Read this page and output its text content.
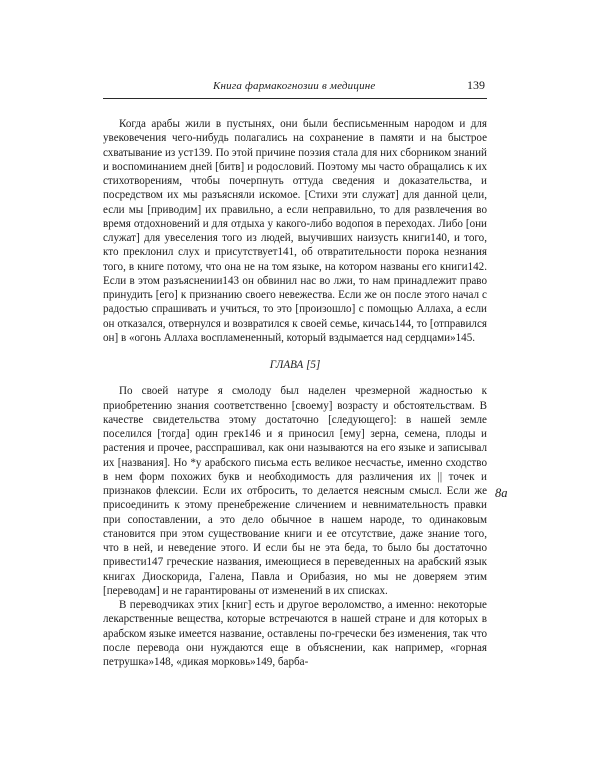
Книга фармакогнозии в медицине	139

Когда арабы жили в пустынях, они были бесписьменным народом и для увековечения чего-нибудь полагались на сохранение в памяти и на быстрое схватывание из уст139. По этой причине поэзия стала для них сборником знаний и воспоминанием дней [битв] и родословий. Поэтому мы часто обращались к их стихотворениям, чтобы почерпнуть оттуда сведения и доказательства, и посредством их мы разъясняли искомое. [Стихи эти служат] для данной цели, если мы [приводим] их правильно, а если неправильно, то для развлечения во время отдохновений и для отдыха у какого-либо водопоя в переходах. Либо [они служат] для увеселения того из людей, выучивших наизусть книги140, и того, кто преклонил слух и присутствует141, об отвратительности порока незнания того, в книге потому, что она не на том языке, на котором названы его книги142. Если в этом разъяснении143 он обвинил нас во лжи, то нам принадлежит право принудить [его] к признанию своего невежества. Если же он после этого начал с радостью спрашивать и учиться, то это [произошло] с помощью Аллаха, а если он отказался, отвернулся и возвратился к своей семье, кичась144, то [отправился он] в «огонь Аллаха воспламененный, который вздымается над сердцами»145.

ГЛАВА [5]

По своей натуре я смолоду был наделен чрезмерной жадностью к приобретению знания соответственно [своему] возрасту и обстоятельствам. В качестве свидетельства этому достаточно [следующего]: в нашей земле поселился [тогда] один грек146 и я приносил [ему] зерна, семена, плоды и растения и прочее, расспрашивал, как они называются на его языке и записывал их [названия]. Но *у арабского письма есть великое несчастье, именно сходство в нем форм похожих букв и необходимость для различения их || точек и признаков флексии. Если их отбросить, то делается неясным смысл. Если же присоединить к этому пренебрежение сличением и невнимательность правки при сопоставлении, а это дело обычное в нашем народе, то одинаковым становится при этом существование книги и ее отсутствие, даже знание того, что в ней, и неведение этого. И если бы не эта беда, то было бы достаточно привести147 греческие названия, имеющиеся в переведенных на арабский язык книгах Диоскорида, Галена, Павла и Орибазия, но мы не доверяем этим [переводам] и не гарантированы от изменений в их списках.

В переводчиках этих [книг] есть и другое вероломство, а именно: некоторые лекарственные вещества, которые встречаются в нашей стране и для которых в арабском языке имеется название, оставлены по-гречески без изменения, так что после перевода они нуждаются еще в объяснении, как например, «горная петрушка»148, «дикая морковь»149, барба-

8а
